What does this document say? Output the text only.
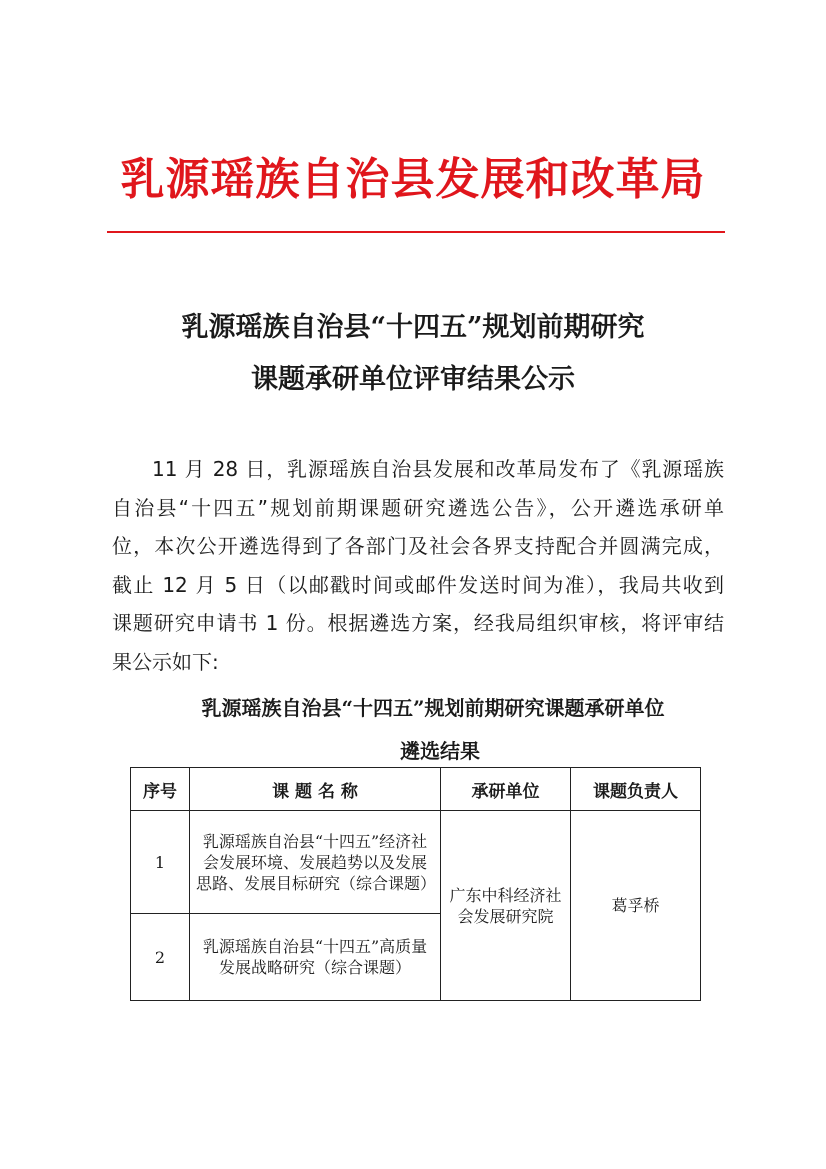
乳源瑶族自治县发展和改革局
乳源瑶族自治县“十四五”规划前期研究
课题承研单位评审结果公示
11 月 28 日，乳源瑶族自治县发展和改革局发布了《乳源瑶族
自治县“十四五”规划前期课题研究遴选公告》，公开遴选承研单
位，本次公开遴选得到了各部门及社会各界支持配合并圆满完成，
截止 12 月 5 日（以邮戳时间或邮件发送时间为准），我局共收到
课题研究申请书 1 份。根据遴选方案，经我局组织审核，将评审结
果公示如下:
乳源瑶族自治县“十四五”规划前期研究课题承研单位
遴选结果
序号	课 题 名 称	承研单位	课题负责人
1	乳源瑶族自治县“十四五”经济社会发展环境、发展趋势以及发展思路、发展目标研究（综合课题）	广东中科经济社会发展研究院	葛孚桥
2	乳源瑶族自治县“十四五”高质量发展战略研究（综合课题）		
